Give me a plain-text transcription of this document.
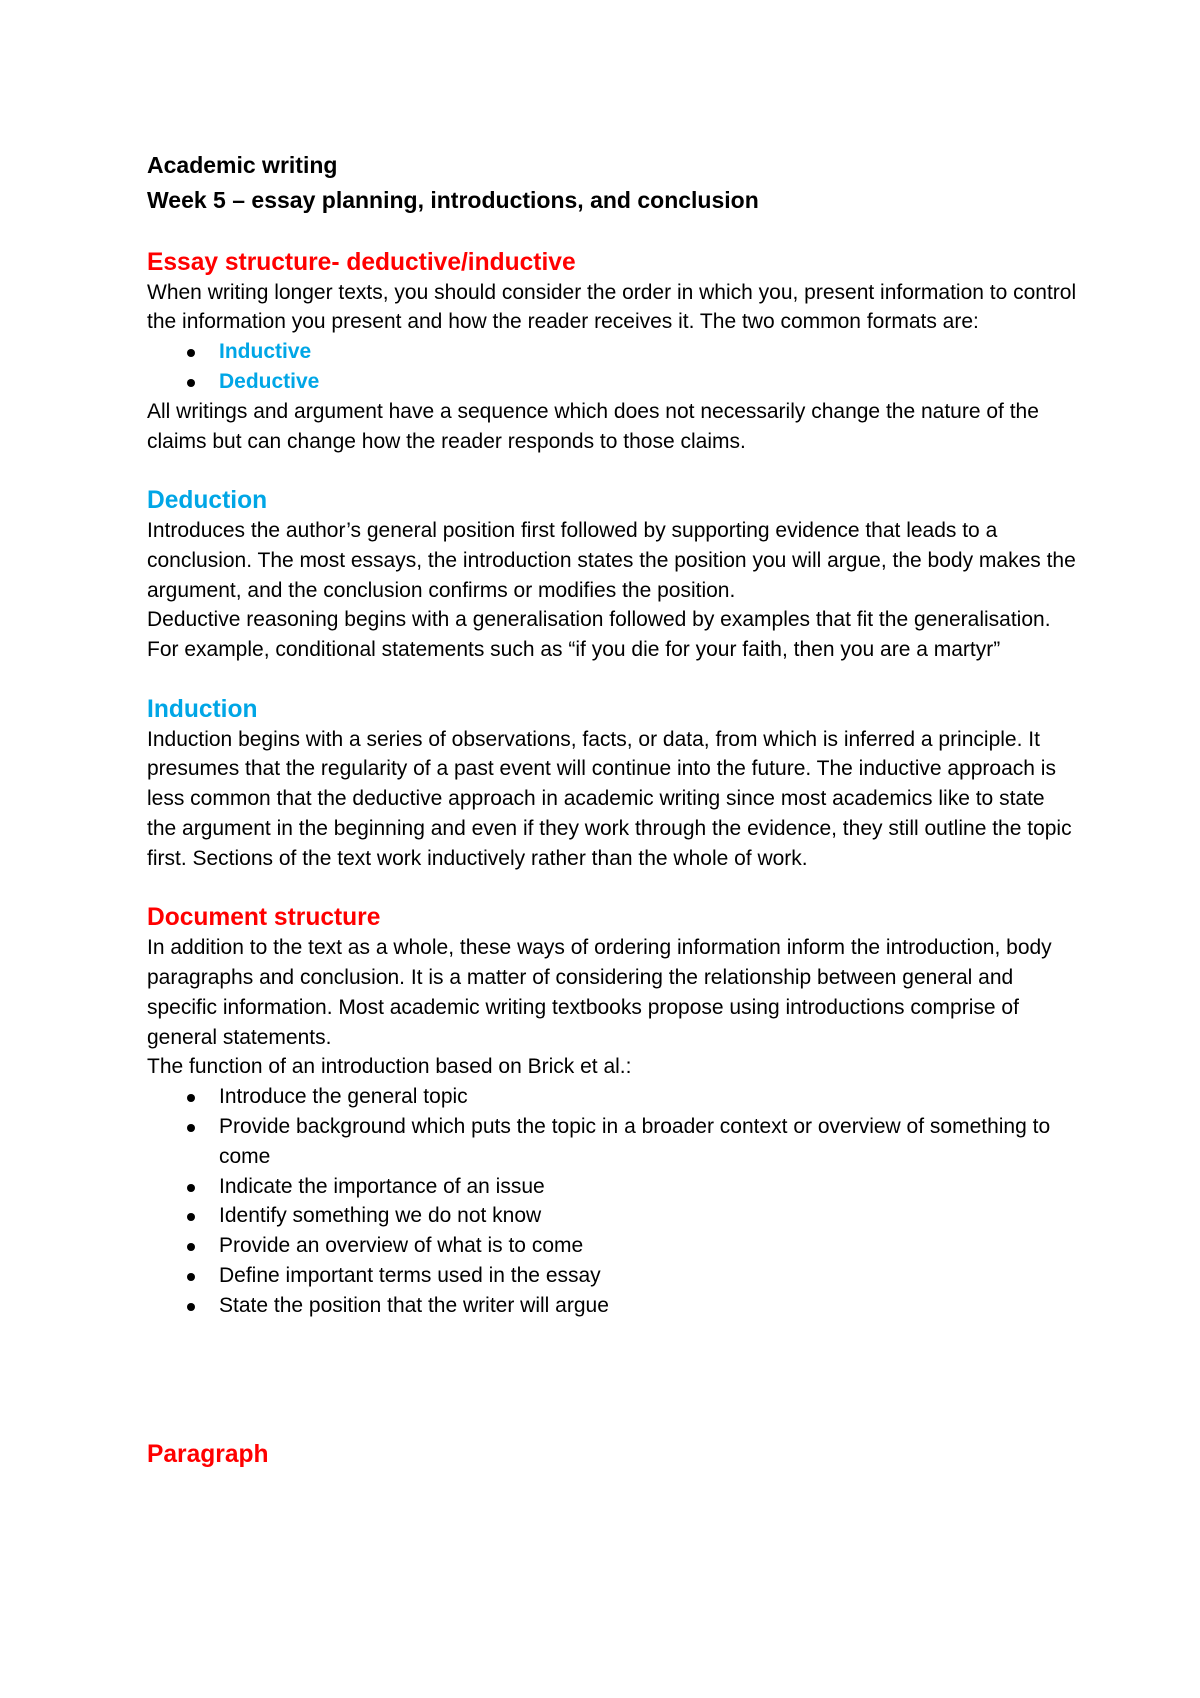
Academic writing
Week 5 – essay planning, introductions, and conclusion
Essay structure- deductive/inductive

When writing longer texts, you should consider the order in which you, present information to control the information you present and how the reader receives it. The two common formats are:

Inductive
Deductive

All writings and argument have a sequence which does not necessarily change the nature of the claims but can change how the reader responds to those claims.

Deduction

Introduces the author’s general position first followed by supporting evidence that leads to a conclusion. The most essays, the introduction states the position you will argue, the body makes the argument, and the conclusion confirms or modifies the position.

Deductive reasoning begins with a generalisation followed by examples that fit the generalisation. For example, conditional statements such as “if you die for your faith, then you are a martyr”

Induction

Induction begins with a series of observations, facts, or data, from which is inferred a principle. It presumes that the regularity of a past event will continue into the future. The inductive approach is less common that the deductive approach in academic writing since most academics like to state the argument in the beginning and even if they work through the evidence, they still outline the topic first. Sections of the text work inductively rather than the whole of work.

Document structure

In addition to the text as a whole, these ways of ordering information inform the introduction, body paragraphs and conclusion. It is a matter of considering the relationship between general and specific information. Most academic writing textbooks propose using introductions comprise of general statements.

The function of an introduction based on Brick et al.:

Introduce the general topic
Provide background which puts the topic in a broader context or overview of something to come
Indicate the importance of an issue
Identify something we do not know
Provide an overview of what is to come
Define important terms used in the essay
State the position that the writer will argue
Paragraph
